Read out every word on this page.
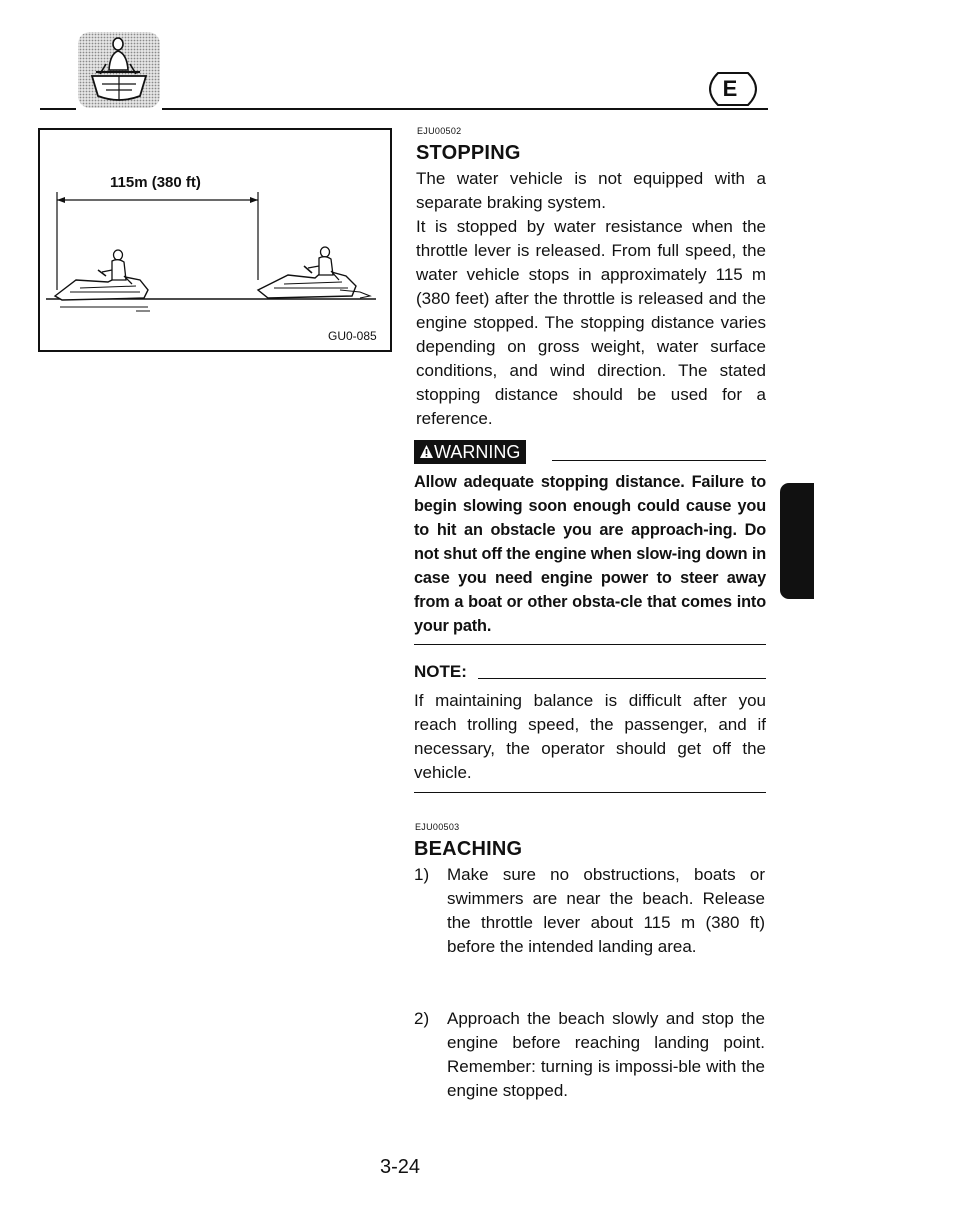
E
115m (380 ft)
GU0-085
EJU00502
STOPPING
The water vehicle is not equipped with a separate braking system.
It is stopped by water resistance when the throttle lever is released. From full speed, the water vehicle stops in approximately 115 m (380 feet) after the throttle is released and the engine stopped. The stopping distance varies depending on gross weight, water surface conditions, and wind direction. The stated stopping distance should be used for a reference.
WARNING
Allow adequate stopping distance. Failure to begin slowing soon enough could cause you to hit an obstacle you are approach-ing. Do not shut off the engine when slow-ing down in case you need engine power to steer away from a boat or other obsta-cle that comes into your path.
NOTE:
If maintaining balance is difficult after you reach trolling speed, the passenger, and if necessary, the operator should get off the vehicle.
EJU00503
BEACHING
1) Make sure no obstructions, boats or swimmers are near the beach. Release the throttle lever about 115 m (380 ft) before the intended landing area.
2) Approach the beach slowly and stop the engine before reaching landing point. Remember: turning is impossi-ble with the engine stopped.
3-24
